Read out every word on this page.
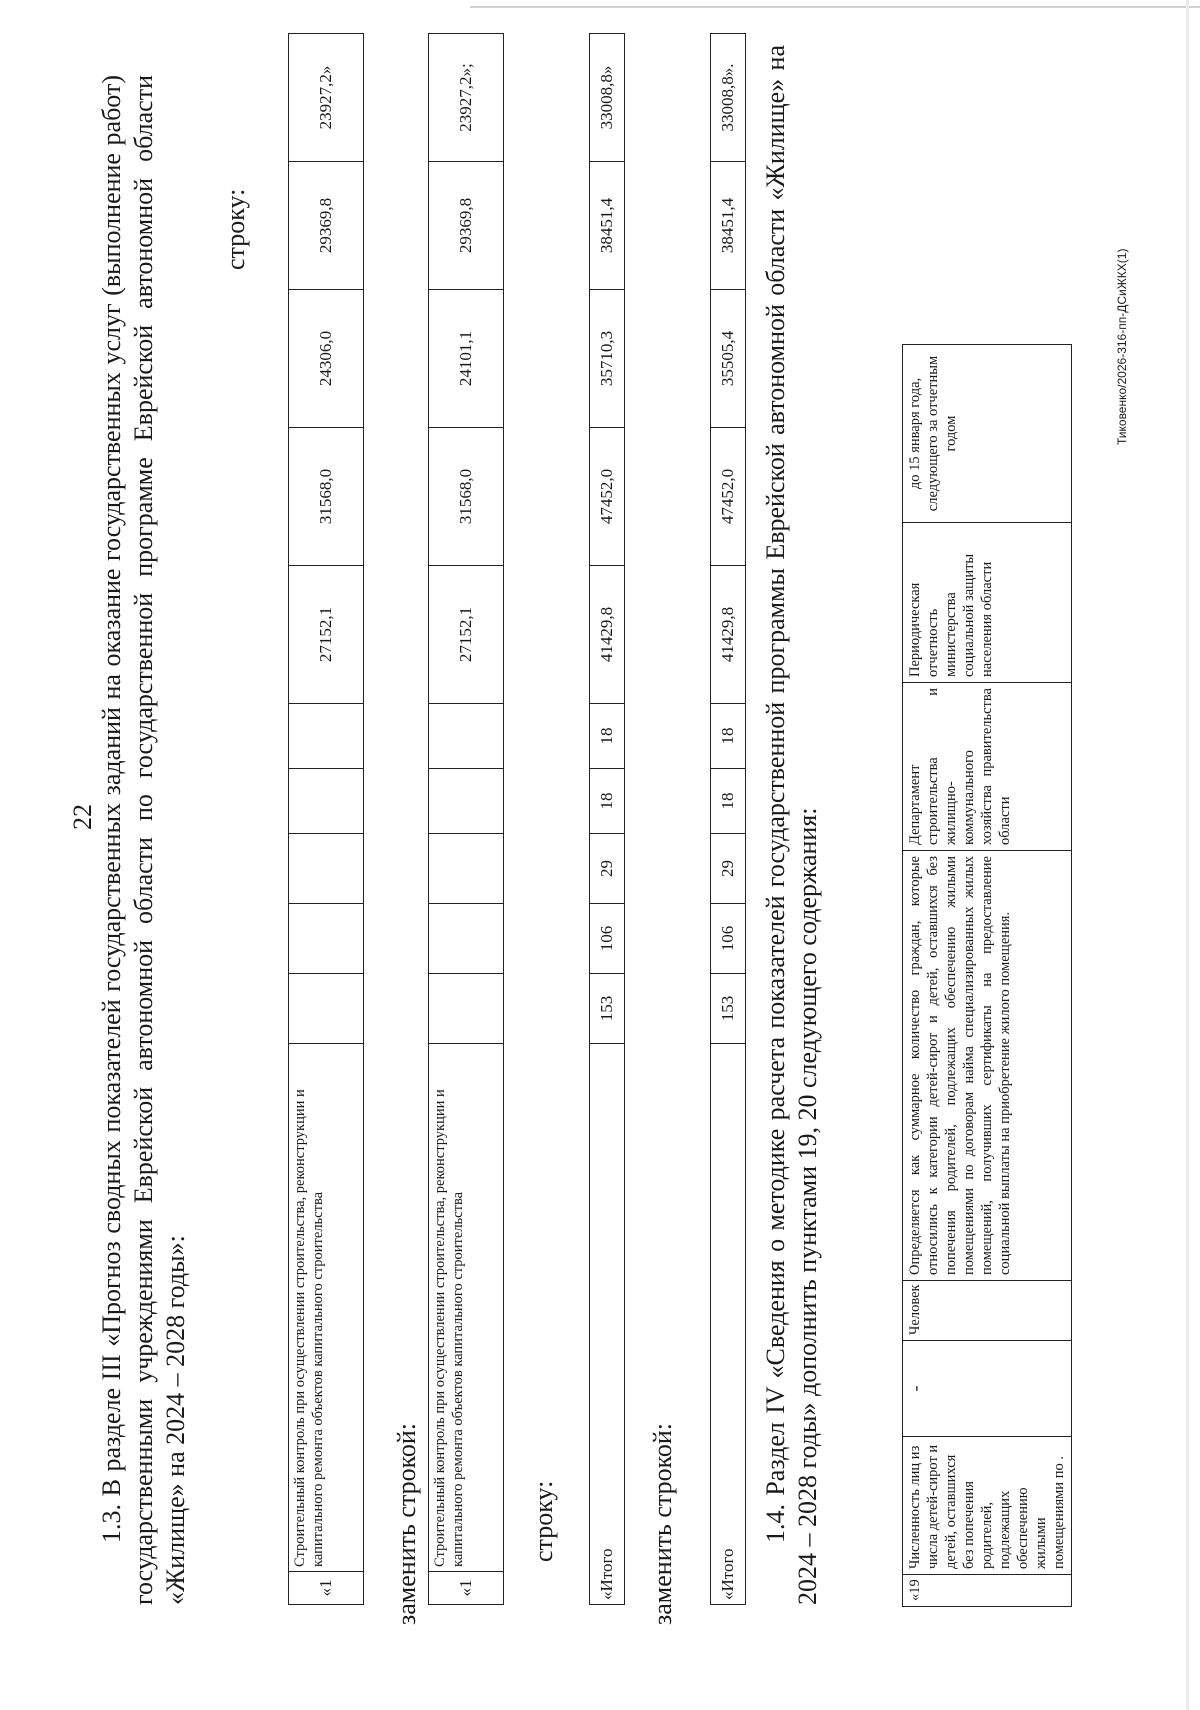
22 1.3. В разделе III «Прогноз сводных показателей государственных заданий на оказание государственных услуг (выполнение работ) государственными учреждениями Еврейской автономной области по государственной программе Еврейской автономной области «Жилище» на 2024 – 2028 годы»:
строку:
«1	Строительный контроль при осуществлении строительства, реконструкции и капитального ремонта объектов капитального строительства						27152,1	31568,0	24306,0	29369,8	23927,2»
заменить строкой: «1	Строительный контроль при осуществлении строительства, реконструкции и капитального ремонта объектов капитального строительства						27152,1	31568,0	24101,1	29369,8	23927,2»;
строку:
«Итого	153	106	29	18	18	41429,8	47452,0	35710,3	38451,4	33008,8»
заменить строкой: «Итого	153	106	29	18	18	41429,8	47452,0	35505,4	38451,4	33008,8». 1.4. Раздел IV «Сведения о методике расчета показателей государственной программы Еврейской автономной области «Жилище» на 2024 – 2028 годы» дополнить пунктами 19, 20 следующего содержания:	«19	Численность лиц из числа детей-сирот и детей, оставшихся без попечения родителей, подлежащих обеспечению жилыми помещениями по .	-	Человек	Определяется как суммарное количество граждан, которые относились к категории детей-сирот и детей, оставшихся без попечения родителей, подлежащих обеспечению жилыми помещениями по договорам найма специализированных жилых помещений, получивших сертификаты на предоставление социальной выплаты на приобретение жилого помещения.	Департамент строительства и жилищно-коммунального хозяйства правительства области	Периодическая отчетность министерства социальной защиты населения области	до 15 января года, следующего за отчетным годом	Тиковенко/2026-316-пп-ДСиЖКХ(1)
